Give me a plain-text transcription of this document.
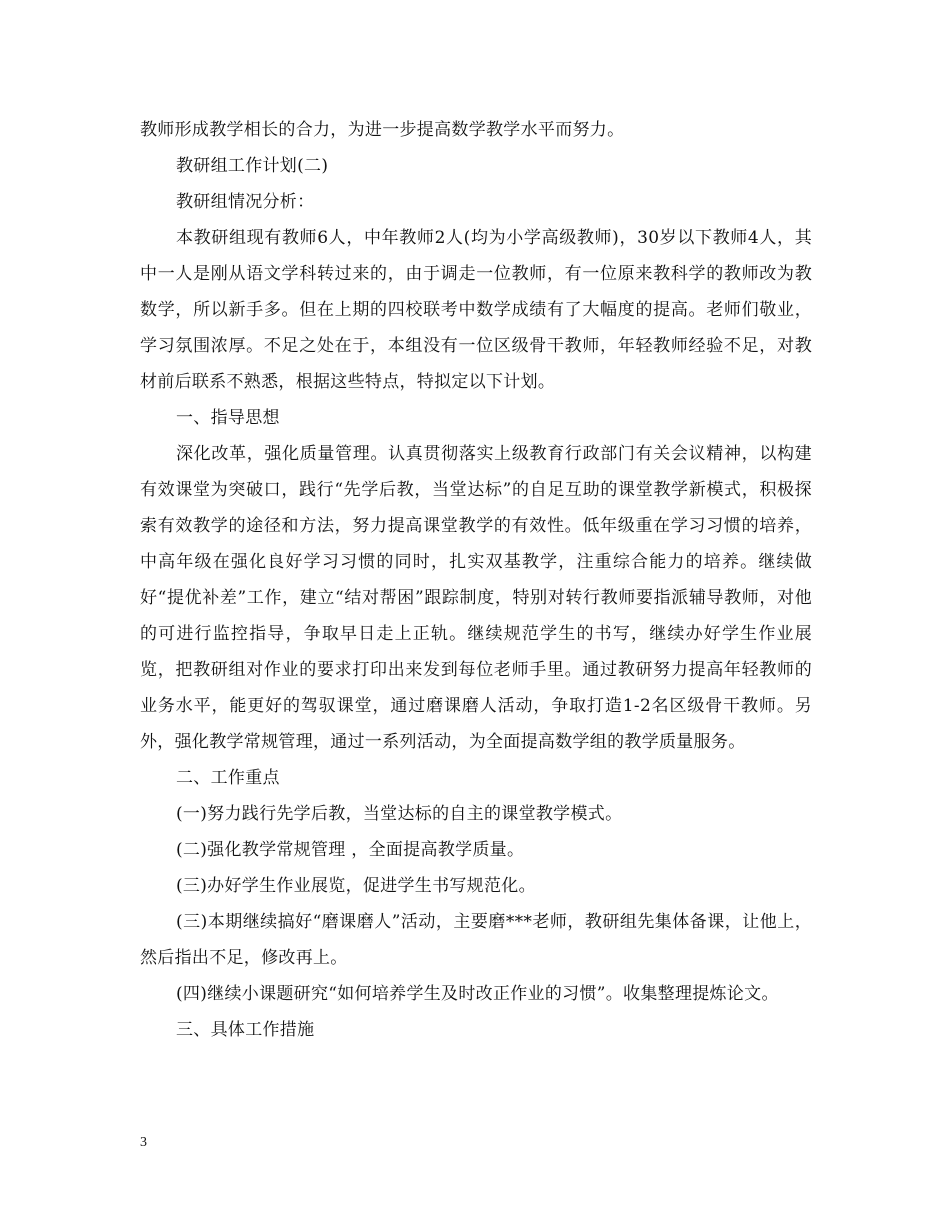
教师形成教学相长的合力，为进一步提高数学教学水平而努力。

教研组工作计划(二)

教研组情况分析：

本教研组现有教师6人，中年教师2人(均为小学高级教师)，30岁以下教师4人，其中一人是刚从语文学科转过来的，由于调走一位教师，有一位原来教科学的教师改为教数学，所以新手多。但在上期的四校联考中数学成绩有了大幅度的提高。老师们敬业，学习氛围浓厚。不足之处在于，本组没有一位区级骨干教师，年轻教师经验不足，对教材前后联系不熟悉，根据这些特点，特拟定以下计划。

一、指导思想

深化改革，强化质量管理。认真贯彻落实上级教育行政部门有关会议精神，以构建有效课堂为突破口，践行“先学后教，当堂达标”的自足互助的课堂教学新模式，积极探索有效教学的途径和方法，努力提高课堂教学的有效性。低年级重在学习习惯的培养，中高年级在强化良好学习习惯的同时，扎实双基教学，注重综合能力的培养。继续做好“提优补差”工作，建立“结对帮困”跟踪制度，特别对转行教师要指派辅导教师，对他的可进行监控指导，争取早日走上正轨。继续规范学生的书写，继续办好学生作业展览，把教研组对作业的要求打印出来发到每位老师手里。通过教研努力提高年轻教师的业务水平，能更好的驾驭课堂，通过磨课磨人活动，争取打造1-2名区级骨干教师。另外，强化教学常规管理，通过一系列活动，为全面提高数学组的教学质量服务。

二、工作重点

(一)努力践行先学后教，当堂达标的自主的课堂教学模式。

(二)强化教学常规管理 ，全面提高教学质量。

(三)办好学生作业展览，促进学生书写规范化。

(三)本期继续搞好“磨课磨人”活动，主要磨***老师，教研组先集体备课，让他上，然后指出不足，修改再上。

(四)继续小课题研究“如何培养学生及时改正作业的习惯”。收集整理提炼论文。

三、具体工作措施

3
